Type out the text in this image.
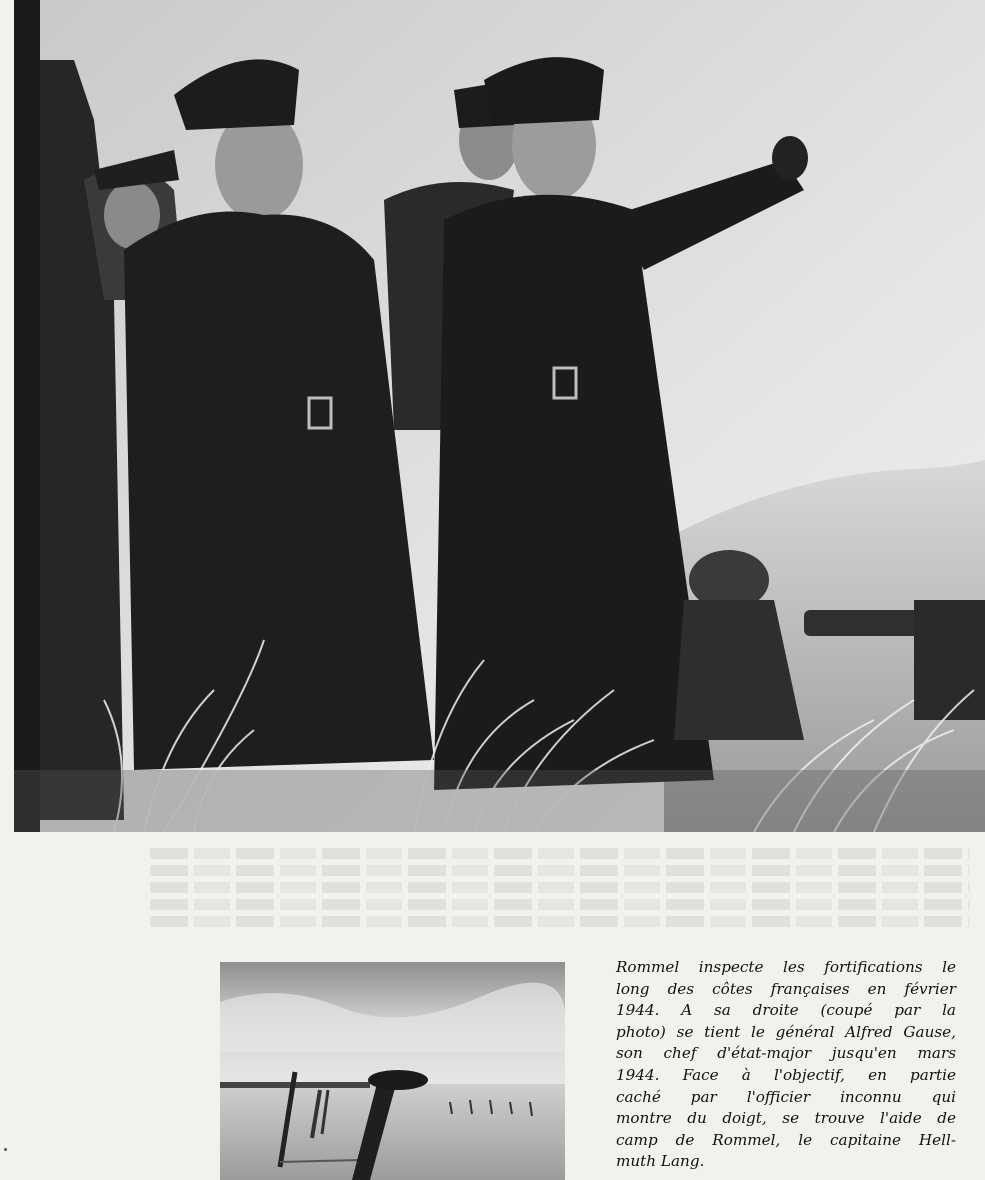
Rommel inspecte les fortifications le
long des côtes françaises en février
1944. A sa droite (coupé par la
photo) se tient le général Alfred Gause,
son chef d'état-major jusqu'en mars
1944. Face à l'objectif, en partie
caché par l'officier inconnu qui
montre du doigt, se trouve l'aide de
camp de Rommel, le capitaine Hell-
muth Lang.
